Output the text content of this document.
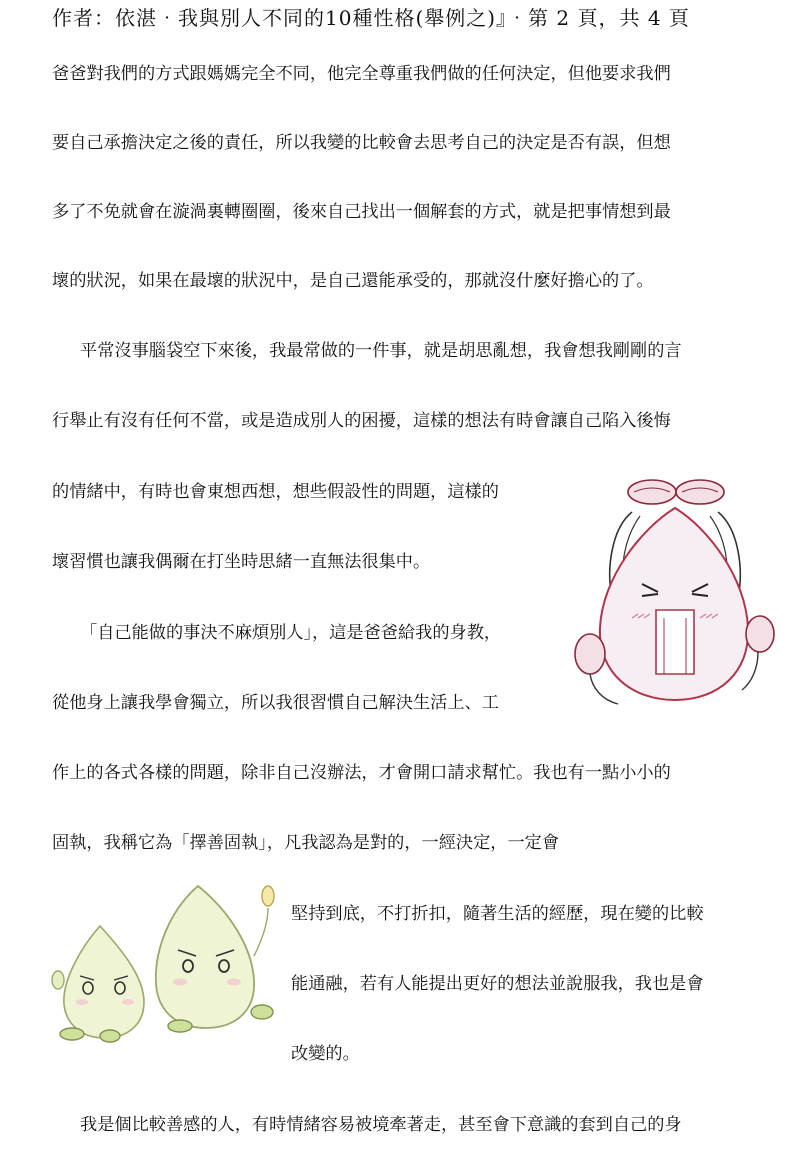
作者：依湛‧我與別人不同的10種性格(舉例之)』‧第 2 頁，共 4 頁
爸爸對我們的方式跟媽媽完全不同，他完全尊重我們做的任何決定，但他要求我們
要自己承擔決定之後的責任，所以我變的比較會去思考自己的決定是否有誤，但想
多了不免就會在漩渦裏轉圈圈，後來自己找出一個解套的方式，就是把事情想到最
壞的狀況，如果在最壞的狀況中，是自己還能承受的，那就沒什麼好擔心的了。
平常沒事腦袋空下來後，我最常做的一件事，就是胡思亂想，我會想我剛剛的言
行舉止有沒有任何不當，或是造成別人的困擾，這樣的想法有時會讓自己陷入後悔
的情緒中，有時也會東想西想，想些假設性的問題，這樣的
壞習慣也讓我偶爾在打坐時思緒一直無法很集中。
「自己能做的事決不麻煩別人」，這是爸爸給我的身教，
從他身上讓我學會獨立，所以我很習慣自己解決生活上、工
作上的各式各樣的問題，除非自己沒辦法，才會開口請求幫忙。我也有一點小小的
固執，我稱它為「擇善固執」，凡我認為是對的，一經決定，一定會
堅持到底，不打折扣，隨著生活的經歷，現在變的比較
能通融，若有人能提出更好的想法並說服我，我也是會
改變的。
我是個比較善感的人，有時情緒容易被境牽著走，甚至會下意識的套到自己的身
